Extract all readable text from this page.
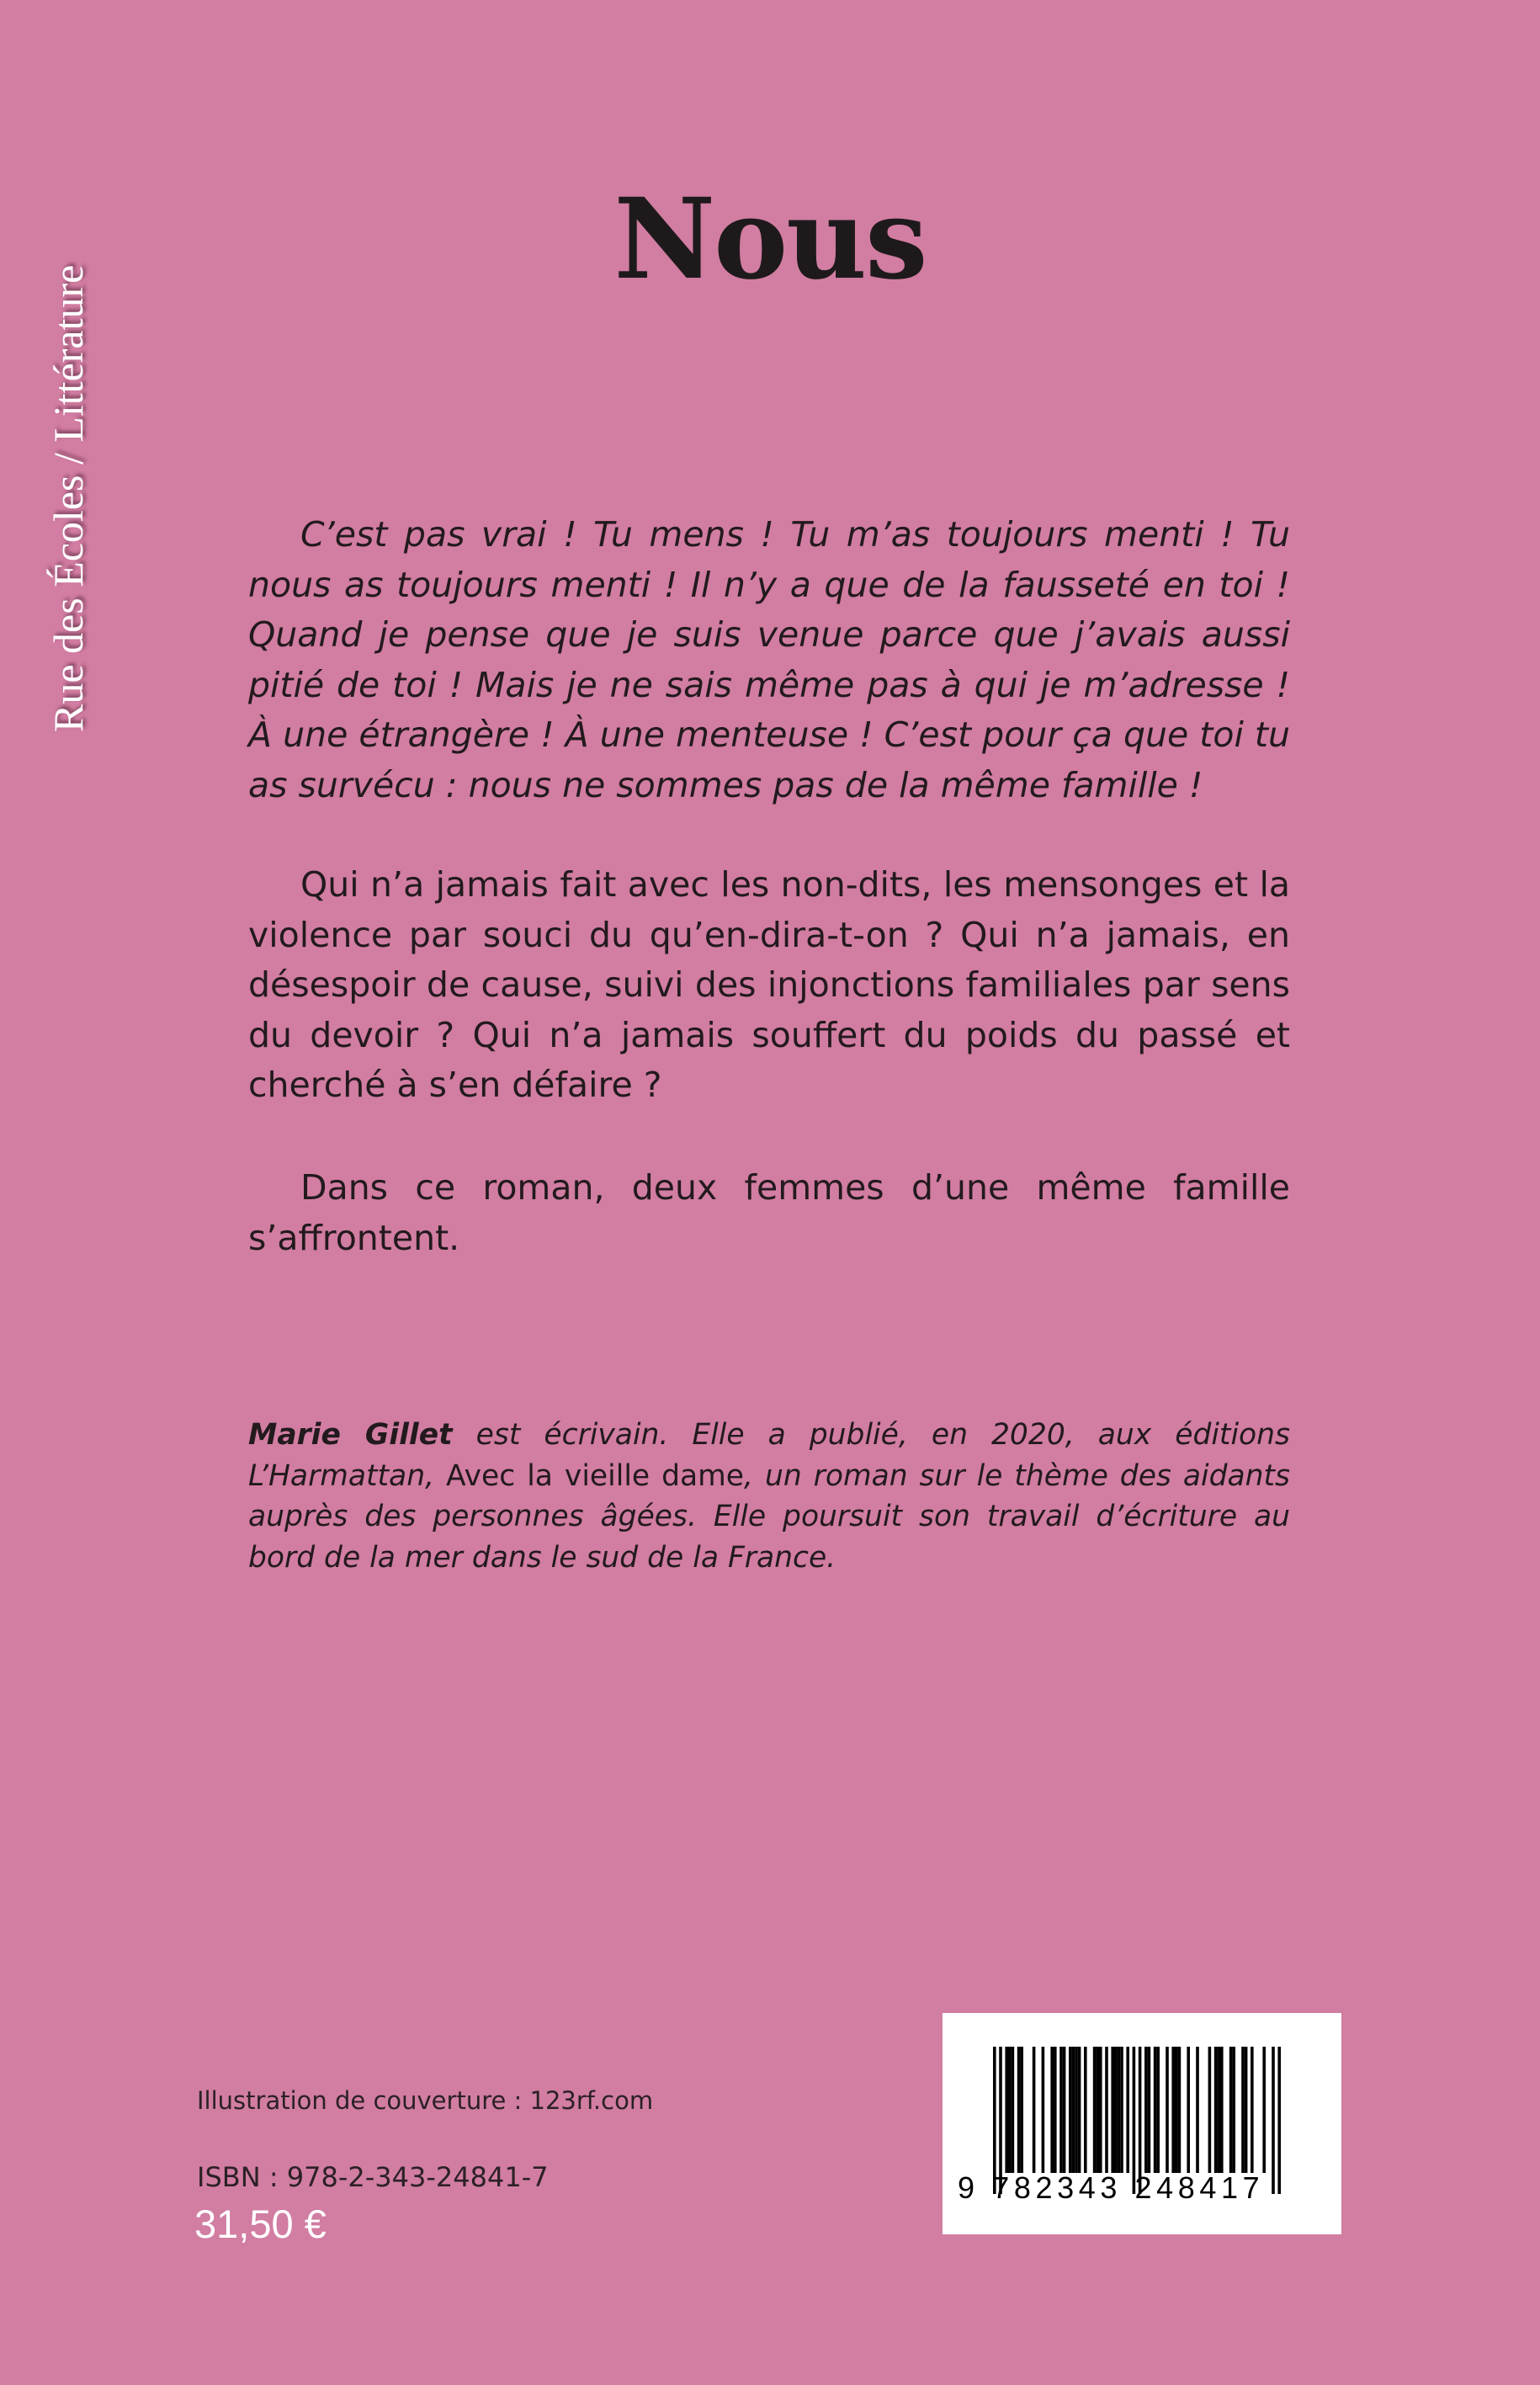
Rue des Écoles / Littérature
Nous

C’est pas vrai ! Tu mens ! Tu m’as toujours menti ! Tu nous as toujours menti ! Il n’y a que de la fausseté en toi ! Quand je pense que je suis venue parce que j’avais aussi pitié de toi ! Mais je ne sais même pas à qui je m’adresse ! À une étrangère ! À une menteuse ! C’est pour ça que toi tu as survécu : nous ne sommes pas de la même famille !

Qui n’a jamais fait avec les non-dits, les mensonges et la violence par souci du qu’en-dira-t-on ? Qui n’a jamais, en désespoir de cause, suivi des injonctions familiales par sens du devoir ? Qui n’a jamais souffert du poids du passé et cherché à s’en défaire ?

Dans ce roman, deux femmes d’une même famille s’affrontent.

Marie Gillet est écrivain. Elle a publié, en 2020, aux éditions L’Harmattan, Avec la vieille dame, un roman sur le thème des aidants auprès des personnes âgées. Elle poursuit son travail d’écriture au bord de la mer dans le sud de la France.

Illustration de couverture : 123rf.com
ISBN : 978-2-343-24841-7
31,50 €
9 782343 248417
